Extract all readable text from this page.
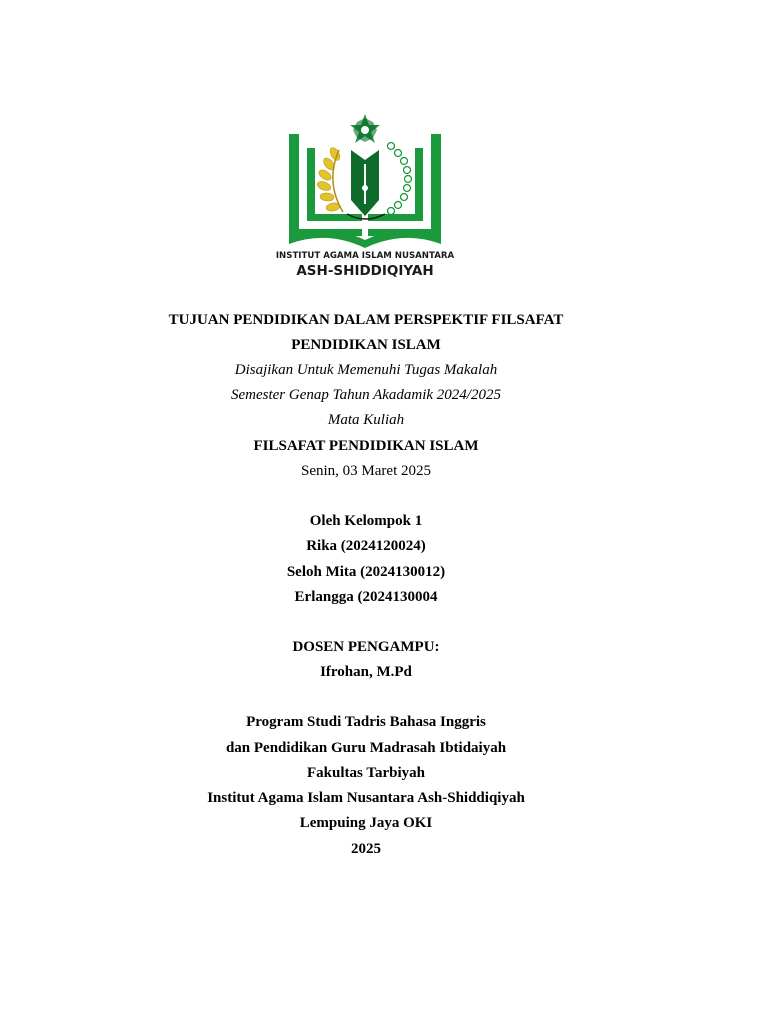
INSTITUT AGAMA ISLAM NUSANTARA
ASH-SHIDDIQIYAH
TUJUAN PENDIDIKAN DALAM PERSPEKTIF FILSAFAT
PENDIDIKAN ISLAM
Disajikan Untuk Memenuhi Tugas Makalah
Semester Genap Tahun Akadamik 2024/2025
Mata Kuliah
FILSAFAT PENDIDIKAN ISLAM
Senin, 03 Maret 2025
Oleh Kelompok 1
Rika (2024120024)
Seloh Mita (2024130012)
Erlangga (2024130004
DOSEN PENGAMPU:
Ifrohan, M.Pd
Program Studi Tadris Bahasa Inggris
dan Pendidikan Guru Madrasah Ibtidaiyah
Fakultas Tarbiyah
Institut Agama Islam Nusantara Ash-Shiddiqiyah
Lempuing Jaya OKI
2025
